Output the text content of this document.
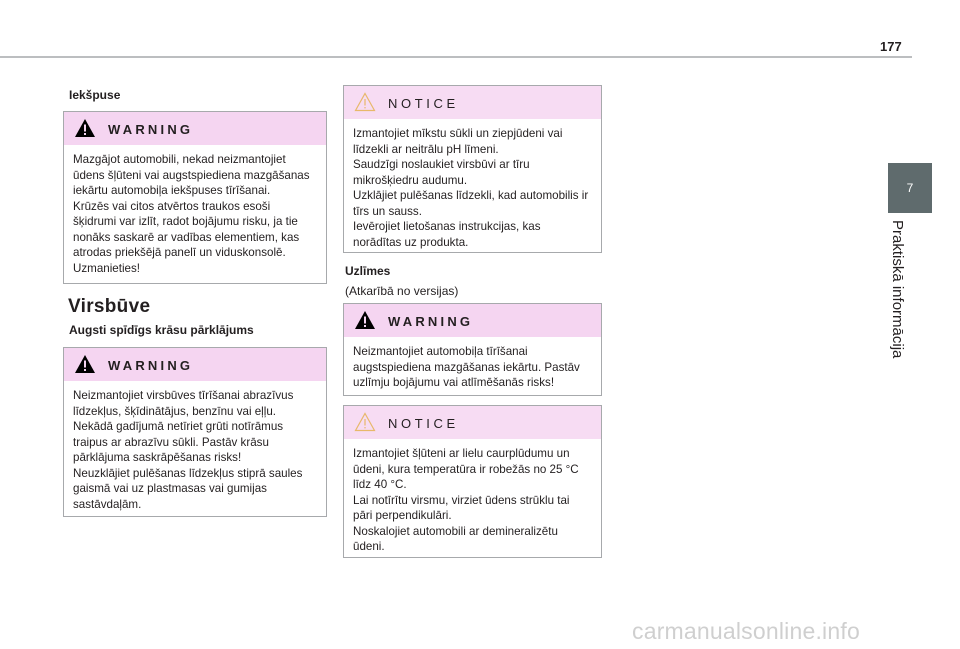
177
7
Praktiskā informācija
Iekšpuse
WARNING
Mazgājot automobili, nekad neizmantojiet
ūdens šļūteni vai augstspiediena mazgāšanas
iekārtu automobiļa iekšpuses tīrīšanai.
Krūzēs vai citos atvērtos traukos esoši
šķidrumi var izlīt, radot bojājumu risku, ja tie
nonāks saskarē ar vadības elementiem, kas
atrodas priekšējā panelī un viduskonsolē.
Uzmanieties!
Virsbūve
Augsti spīdīgs krāsu pārklājums
WARNING
Neizmantojiet virsbūves tīrīšanai abrazīvus
līdzekļus, šķīdinātājus, benzīnu vai eļļu.
Nekādā gadījumā netīriet grūti notīrāmus
traipus ar abrazīvu sūkli. Pastāv krāsu
pārklājuma saskrāpēšanas risks!
Neuzklājiet pulēšanas līdzekļus stiprā saules
gaismā vai uz plastmasas vai gumijas
sastāvdaļām.
NOTICE
Izmantojiet mīkstu sūkli un ziepjūdeni vai
līdzekli ar neitrālu pH līmeni.
Saudzīgi noslaukiet virsbūvi ar tīru
mikrošķiedru audumu.
Uzklājiet pulēšanas līdzekli, kad automobilis ir
tīrs un sauss.
Ievērojiet lietošanas instrukcijas, kas
norādītas uz produkta.
Uzlīmes
(Atkarībā no versijas)
WARNING
Neizmantojiet automobiļa tīrīšanai
augstspiediena mazgāšanas iekārtu. Pastāv
uzlīmju bojājumu vai atlīmēšanās risks!
NOTICE
Izmantojiet šļūteni ar lielu caurplūdumu un
ūdeni, kura temperatūra ir robežās no 25 °C
līdz 40 °C.
Lai notīrītu virsmu, virziet ūdens strūklu tai
pāri perpendikulāri.
Noskalojiet automobili ar demineralizētu
ūdeni.
carmanualsonline.info
